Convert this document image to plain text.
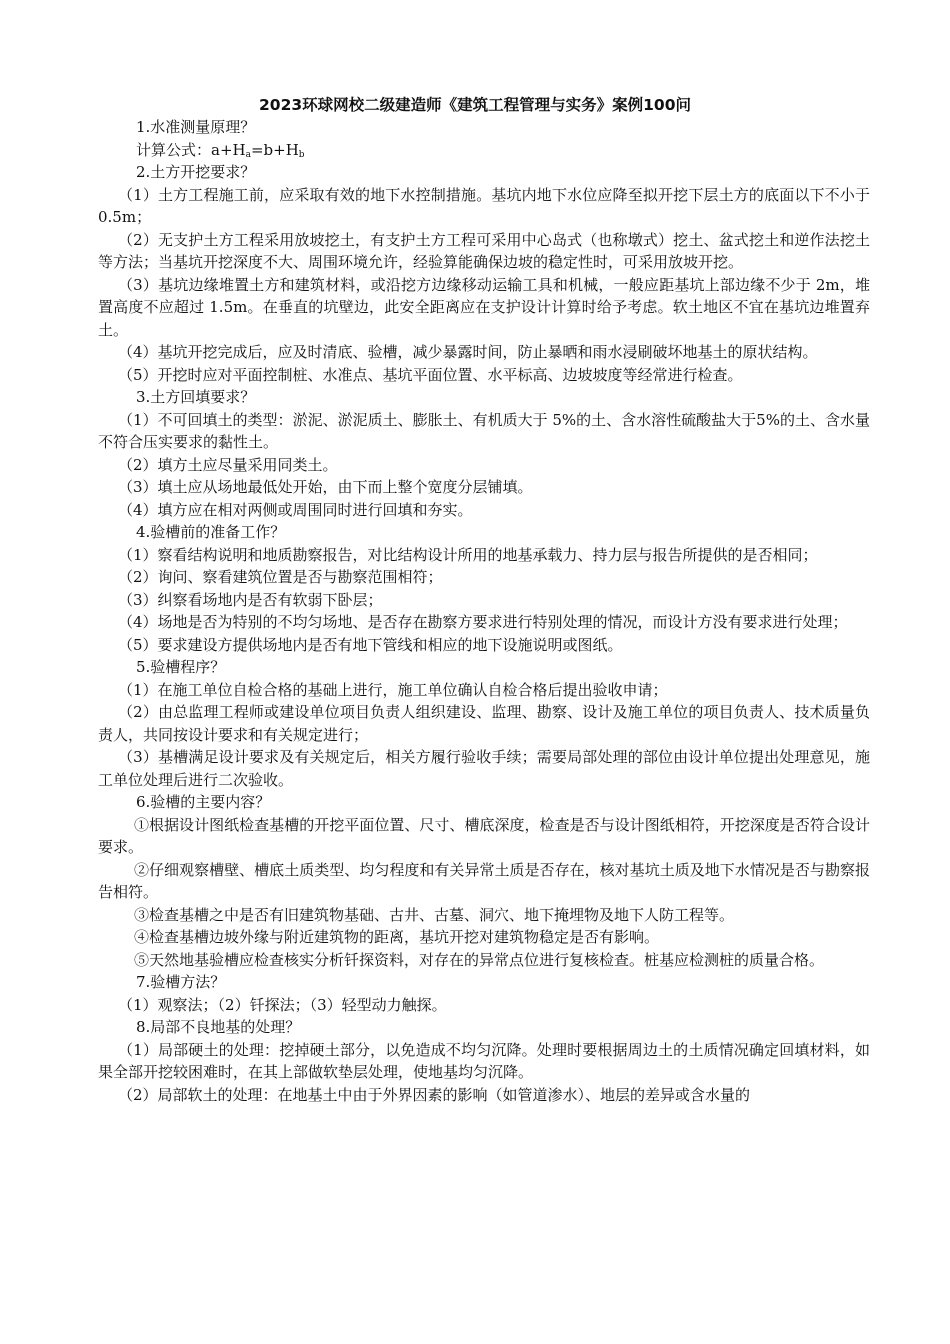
2023环球网校二级建造师《建筑工程管理与实务》案例100问

1.水准测量原理？

计算公式：$a+H_a=b+H_b$

2.土方开挖要求？

（1）土方工程施工前，应采取有效的地下水控制措施。基坑内地下水位应降至拟开挖下层土方的底面以下不小于 0.5m；

（2）无支护土方工程采用放坡挖土，有支护土方工程可采用中心岛式（也称墩式）挖土、盆式挖土和逆作法挖土等方法；当基坑开挖深度不大、周围环境允许，经验算能确保边坡的稳定性时，可采用放坡开挖。

（3）基坑边缘堆置土方和建筑材料，或沿挖方边缘移动运输工具和机械，一般应距基坑上部边缘不少于 2m，堆置高度不应超过 1.5m。在垂直的坑壁边，此安全距离应在支护设计计算时给予考虑。软土地区不宜在基坑边堆置弃土。

（4）基坑开挖完成后，应及时清底、验槽，减少暴露时间，防止暴晒和雨水浸刷破坏地基土的原状结构。

（5）开挖时应对平面控制桩、水准点、基坑平面位置、水平标高、边坡坡度等经常进行检查。

3.土方回填要求？

（1）不可回填土的类型：淤泥、淤泥质土、膨胀土、有机质大于 5%的土、含水溶性硫酸盐大于5%的土、含水量不符合压实要求的黏性土。

（2）填方土应尽量采用同类土。

（3）填土应从场地最低处开始，由下而上整个宽度分层铺填。

（4）填方应在相对两侧或周围同时进行回填和夯实。

4.验槽前的准备工作？

（1）察看结构说明和地质勘察报告，对比结构设计所用的地基承载力、持力层与报告所提供的是否相同；

（2）询问、察看建筑位置是否与勘察范围相符；

（3）纠察看场地内是否有软弱下卧层；

（4）场地是否为特别的不均匀场地、是否存在勘察方要求进行特别处理的情况，而设计方没有要求进行处理；

（5）要求建设方提供场地内是否有地下管线和相应的地下设施说明或图纸。

5.验槽程序？

（1）在施工单位自检合格的基础上进行，施工单位确认自检合格后提出验收申请；

（2）由总监理工程师或建设单位项目负责人组织建设、监理、勘察、设计及施工单位的项目负责人、技术质量负责人，共同按设计要求和有关规定进行；

（3）基槽满足设计要求及有关规定后，相关方履行验收手续；需要局部处理的部位由设计单位提出处理意见，施工单位处理后进行二次验收。

6.验槽的主要内容？

①根据设计图纸检查基槽的开挖平面位置、尺寸、槽底深度，检查是否与设计图纸相符，开挖深度是否符合设计要求。

②仔细观察槽壁、槽底土质类型、均匀程度和有关异常土质是否存在，核对基坑土质及地下水情况是否与勘察报告相符。

③检查基槽之中是否有旧建筑物基础、古井、古墓、洞穴、地下掩埋物及地下人防工程等。

④检查基槽边坡外缘与附近建筑物的距离，基坑开挖对建筑物稳定是否有影响。

⑤天然地基验槽应检查核实分析钎探资料，对存在的异常点位进行复核检查。桩基应检测桩的质量合格。

7.验槽方法？

（1）观察法；（2）钎探法；（3）轻型动力触探。

8.局部不良地基的处理？

（1）局部硬土的处理：挖掉硬土部分，以免造成不均匀沉降。处理时要根据周边土的土质情况确定回填材料，如果全部开挖较困难时，在其上部做软垫层处理，使地基均匀沉降。

（2）局部软土的处理：在地基土中由于外界因素的影响（如管道渗水）、地层的差异或含水量的
